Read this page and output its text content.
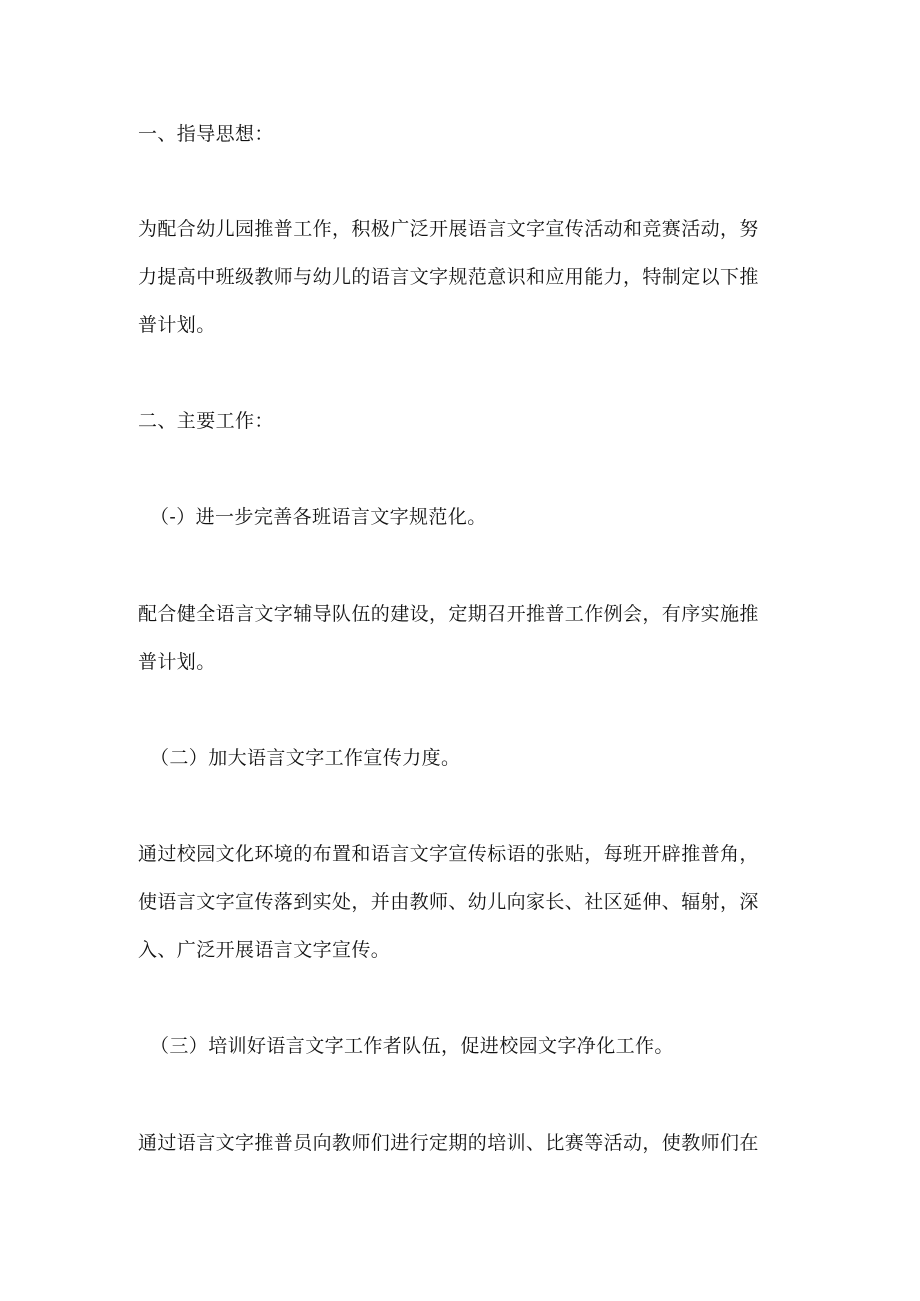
一、指导思想：
为配合幼儿园推普工作，积极广泛开展语言文字宣传活动和竞赛活动，努
力提高中班级教师与幼儿的语言文字规范意识和应用能力，特制定以下推
普计划。
二、主要工作：
（-）进一步完善各班语言文字规范化。
配合健全语言文字辅导队伍的建设，定期召开推普工作例会，有序实施推
普计划。
（二）加大语言文字工作宣传力度。
通过校园文化环境的布置和语言文字宣传标语的张贴，每班开辟推普角，
使语言文字宣传落到实处，并由教师、幼儿向家长、社区延伸、辐射，深
入、广泛开展语言文字宣传。
（三）培训好语言文字工作者队伍，促进校园文字净化工作。
通过语言文字推普员向教师们进行定期的培训、比赛等活动，使教师们在
